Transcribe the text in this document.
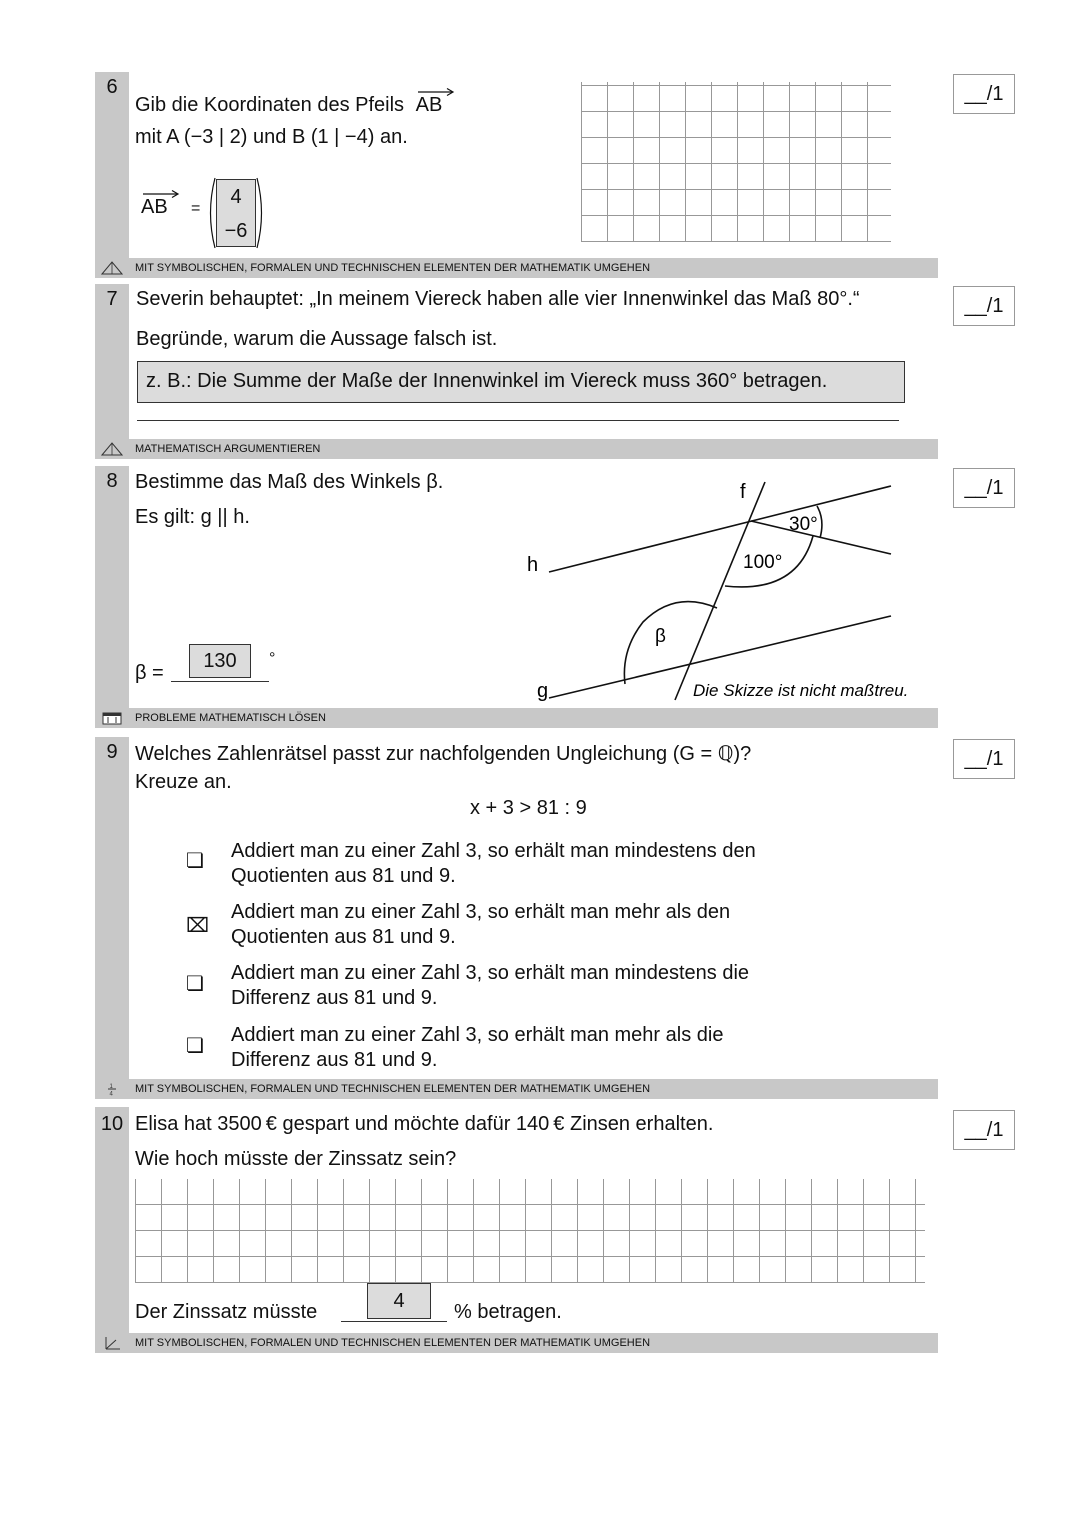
6
Gib die Koordinaten des Pfeils AB
mit A (−3 | 2) und B (1 | −4) an.
AB =
4
−6
MIT SYMBOLISCHEN, FORMALEN UND TECHNISCHEN ELEMENTEN DER MATHEMATIK UMGEHEN
__/1
7 Severin behauptet: „In meinem Viereck haben alle vier Innenwinkel das Maß 80°.“
Begründe, warum die Aussage falsch ist.
z. B.: Die Summe der Maße der Innenwinkel im Viereck muss 360° betragen.
MATHEMATISCH ARGUMENTIEREN
__/1
8 Bestimme das Maß des Winkels β.
Es gilt: g || h.
β =
130	°
f
h
g
30°
100°
β
Die Skizze ist nicht maßtreu.
PROBLEME MATHEMATISCH LÖSEN
__/1
9 Welches Zahlenrätsel passt zur nachfolgenden Ungleichung (G = ℚ)?
Kreuze an.
x + 3 > 81 : 9
1
4 MIT SYMBOLISCHEN, FORMALEN UND TECHNISCHEN ELEMENTEN DER MATHEMATIK UMGEHEN
❏ Addiert man zu einer Zahl 3, so erhält man mindestens den
Quotienten aus 81 und 9.
⌧
Addiert man zu einer Zahl 3, so erhält man mehr als den
Quotienten aus 81 und 9.
❏ Addiert man zu einer Zahl 3, so erhält man mindestens die
Differenz aus 81 und 9.
❏ Addiert man zu einer Zahl 3, so erhält man mehr als die
Differenz aus 81 und 9.
__/1
10 Elisa hat 3500 € gespart und möchte dafür 140 € Zinsen erhalten.
Wie hoch müsste der Zinssatz sein?
Der Zinssatz müsste	4	% betragen.
MIT SYMBOLISCHEN, FORMALEN UND TECHNISCHEN ELEMENTEN DER MATHEMATIK UMGEHEN
__/1
